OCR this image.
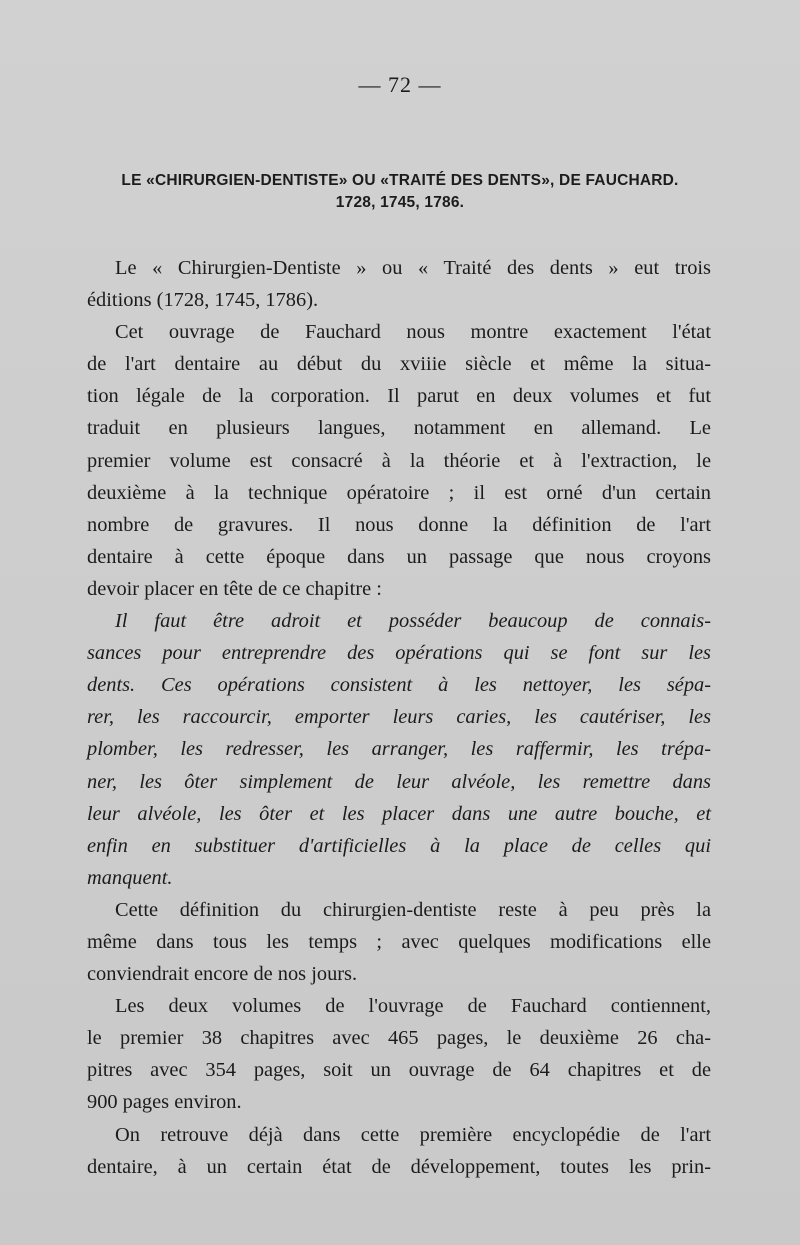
— 72 —
LE «CHIRURGIEN-DENTISTE» OU «TRAITÉ DES DENTS», DE FAUCHARD.
1728, 1745, 1786.
Le « Chirurgien-Dentiste » ou « Traité des dents » eut trois
éditions (1728, 1745, 1786).
Cet ouvrage de Fauchard nous montre exactement l'état
de l'art dentaire au début du xviiie siècle et même la situa-
tion légale de la corporation. Il parut en deux volumes et fut
traduit en plusieurs langues, notamment en allemand. Le
premier volume est consacré à la théorie et à l'extraction, le
deuxième à la technique opératoire ; il est orné d'un certain
nombre de gravures. Il nous donne la définition de l'art
dentaire à cette époque dans un passage que nous croyons
devoir placer en tête de ce chapitre :
Il faut être adroit et posséder beaucoup de connais-
sances pour entreprendre des opérations qui se font sur les
dents. Ces opérations consistent à les nettoyer, les sépa-
rer, les raccourcir, emporter leurs caries, les cautériser, les
plomber, les redresser, les arranger, les raffermir, les trépa-
ner, les ôter simplement de leur alvéole, les remettre dans
leur alvéole, les ôter et les placer dans une autre bouche, et
enfin en substituer d'artificielles à la place de celles qui
manquent.
Cette définition du chirurgien-dentiste reste à peu près la
même dans tous les temps ; avec quelques modifications elle
conviendrait encore de nos jours.
Les deux volumes de l'ouvrage de Fauchard contiennent,
le premier 38 chapitres avec 465 pages, le deuxième 26 cha-
pitres avec 354 pages, soit un ouvrage de 64 chapitres et de
900 pages environ.
On retrouve déjà dans cette première encyclopédie de l'art
dentaire, à un certain état de développement, toutes les prin-
